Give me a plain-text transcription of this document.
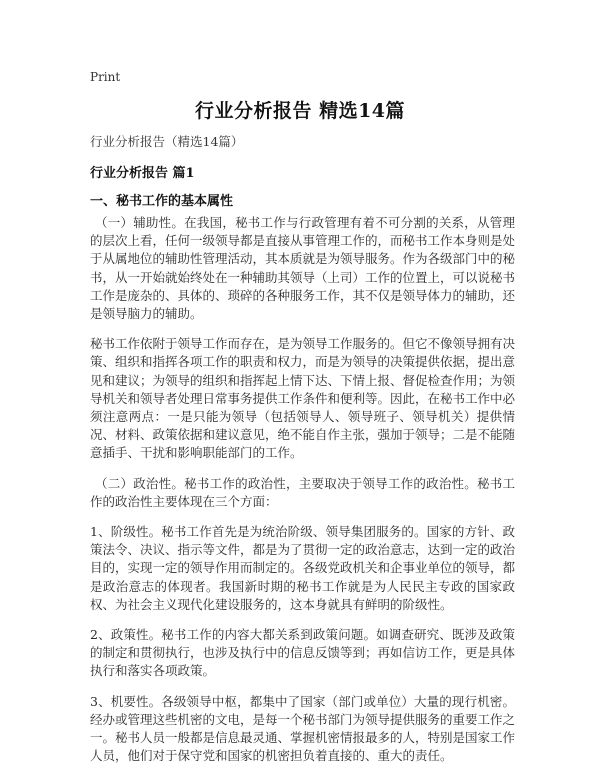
Print
行业分析报告 精选14篇
行业分析报告（精选14篇）
行业分析报告 篇1
一、秘书工作的基本属性

（一）辅助性。在我国，秘书工作与行政管理有着不可分割的关系，从管理的层次上看，任何一级领导都是直接从事管理工作的，而秘书工作本身则是处于从属地位的辅助性管理活动，其本质就是为领导服务。作为各级部门中的秘书，从一开始就始终处在一种辅助其领导（上司）工作的位置上，可以说秘书工作是庞杂的、具体的、琐碎的各种服务工作，其不仅是领导体力的辅助，还是领导脑力的辅助。

秘书工作依附于领导工作而存在，是为领导工作服务的。但它不像领导拥有决策、组织和指挥各项工作的职责和权力，而是为领导的决策提供依据，提出意见和建议；为领导的组织和指挥起上情下达、下情上报、督促检查作用；为领导机关和领导者处理日常事务提供工作条件和便利等。因此，在秘书工作中必须注意两点：一是只能为领导（包括领导人、领导班子、领导机关）提供情况、材料、政策依据和建议意见，绝不能自作主张，强加于领导；二是不能随意插手、干扰和影响职能部门的工作。

（二）政治性。秘书工作的政治性，主要取决于领导工作的政治性。秘书工作的政治性主要体现在三个方面：

1、阶级性。秘书工作首先是为统治阶级、领导集团服务的。国家的方针、政策法令、决议、指示等文件，都是为了贯彻一定的政治意志，达到一定的政治目的，实现一定的领导作用而制定的。各级党政机关和企事业单位的领导，都是政治意志的体现者。我国新时期的秘书工作就是为人民民主专政的国家政权、为社会主义现代化建设服务的，这本身就具有鲜明的阶级性。

2、政策性。秘书工作的内容大都关系到政策问题。如调查研究、既涉及政策的制定和贯彻执行，也涉及执行中的信息反馈等到；再如信访工作，更是具体执行和落实各项政策。

3、机要性。各级领导中枢，都集中了国家（部门或单位）大量的现行机密。经办或管理这些机密的文电，是每一个秘书部门为领导提供服务的重要工作之一。秘书人员一般都是信息最灵通、掌握机密情报最多的人，特别是国家工作人员，他们对于保守党和国家的机密担负着直接的、重大的责任。
